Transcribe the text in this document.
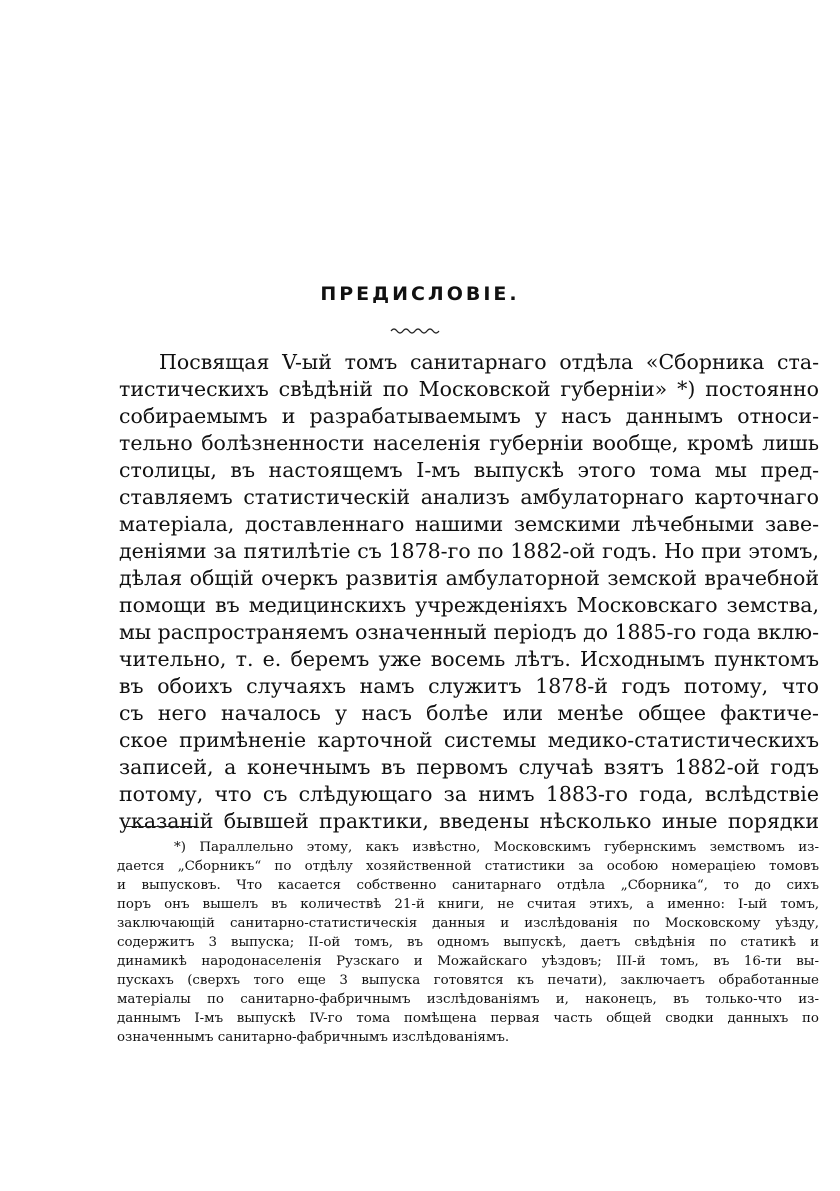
ПРЕДИСЛОВІЕ.

Посвящая V-ый томъ санитарнаго отдѣла «Сборника ста-

тистическихъ свѣдѣній по Московской губерніи» *) постоянно

собираемымъ и разрабатываемымъ у насъ даннымъ относи-

тельно болѣзненности населенія губерніи вообще, кромѣ лишь

столицы, въ настоящемъ I-мъ выпускѣ этого тома мы пред-

ставляемъ статистическій анализъ амбулаторнаго карточнаго

матеріала, доставленнаго нашими земскими лѣчебными заве-

деніями за пятилѣтіе съ 1878-го по 1882-ой годъ. Но при этомъ,

дѣлая общій очеркъ развитія амбулаторной земской врачебной

помощи въ медицинскихъ учрежденіяхъ Московскаго земства,

мы распространяемъ означенный періодъ до 1885-го года вклю-

чительно, т. е. беремъ уже восемь лѣтъ. Исходнымъ пунктомъ

въ обоихъ случаяхъ намъ служитъ 1878-й годъ потому, что

съ него началось у насъ болѣе или менѣе общее фактиче-

ское примѣненіе карточной системы медико-статистическихъ

записей, а конечнымъ въ первомъ случаѣ взятъ 1882-ой годъ

потому, что съ слѣдующаго за нимъ 1883-го года, вслѣдствіе

указаній бывшей практики, введены нѣсколько иные порядки

*) Параллельно этому, какъ извѣстно, Московскимъ губернскимъ земствомъ из-

дается „Сборникъ“ по отдѣлу хозяйственной статистики за особою номераціею томовъ

и выпусковъ. Что касается собственно санитарнаго отдѣла „Сборника“, то до сихъ

поръ онъ вышелъ въ количествѣ 21-й книги, не считая этихъ, а именно: I-ый томъ,

заключающій санитарно-статистическія данныя и изслѣдованія по Московскому уѣзду,

содержитъ 3 выпуска; II-ой томъ, въ одномъ выпускѣ, даетъ свѣдѣнія по статикѣ и

динамикѣ народонаселенія Рузскаго и Можайскаго уѣздовъ; III-й томъ, въ 16-ти вы-

пускахъ (сверхъ того еще 3 выпуска готовятся къ печати), заключаетъ обработанные

матеріалы по санитарно-фабричнымъ изслѣдованіямъ и, наконецъ, въ только-что из-

даннымъ I-мъ выпускѣ IV-го тома помѣщена первая часть общей сводки данныхъ по

означеннымъ санитарно-фабричнымъ изслѣдованіямъ.
